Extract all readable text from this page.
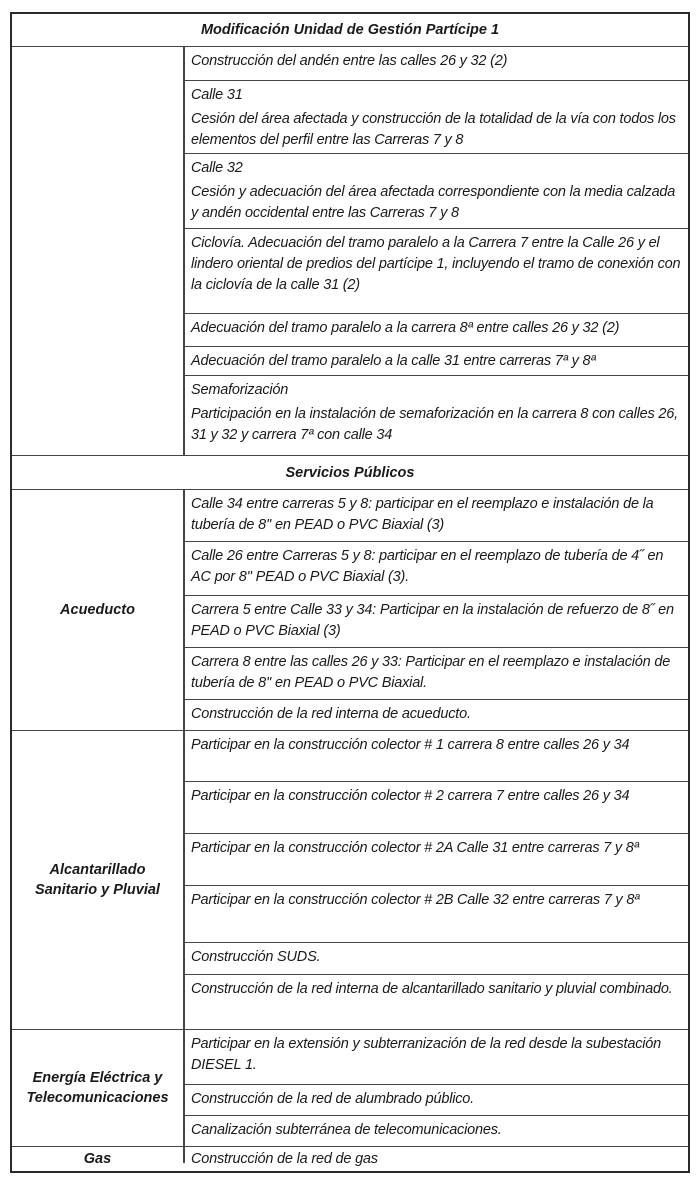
Modificación Unidad de Gestión Partícipe 1

Construcción del andén entre las calles 26 y 32 (2)

Calle 31

Cesión del área afectada y construcción de la totalidad de la vía con todos los elementos del perfil entre las Carreras 7 y 8

Calle 32

Cesión y adecuación del área afectada correspondiente con la media calzada y andén occidental entre las Carreras 7 y 8

Ciclovía. Adecuación del tramo paralelo a la Carrera 7 entre la Calle 26 y el lindero oriental de predios del partícipe 1, incluyendo el tramo de conexión con la ciclovía de la calle 31 (2)

Adecuación del tramo paralelo a la carrera 8ª entre calles 26 y 32 (2)

Adecuación del tramo paralelo a la calle 31 entre carreras 7ª y 8ª

Semaforización

Participación en la instalación de semaforización en la carrera 8 con calles 26, 31 y 32 y carrera 7ª con calle 34

Servicios Públicos
Acueducto

Calle 34 entre carreras 5 y 8: participar en el reemplazo e instalación de la tubería de 8'' en PEAD o PVC Biaxial (3)

Calle 26 entre Carreras 5 y 8: participar en el reemplazo de tubería de 4˝ en AC por 8'' PEAD o PVC Biaxial (3).

Carrera 5 entre Calle 33 y 34: Participar en la instalación de refuerzo de 8˝ en PEAD o PVC Biaxial (3)

Carrera 8 entre las calles 26 y 33: Participar en el reemplazo e instalación de tubería de 8'' en PEAD o PVC Biaxial.

Construcción de la red interna de acueducto.

Alcantarillado Sanitario y Pluvial

Participar en la construcción colector # 1 carrera 8 entre calles 26 y 34

Participar en la construcción colector # 2 carrera 7 entre calles 26 y 34

Participar en la construcción colector # 2A Calle 31 entre carreras 7 y 8ª

Participar en la construcción colector # 2B Calle 32 entre carreras 7 y 8ª

Construcción SUDS.

Construcción de la red interna de alcantarillado sanitario y pluvial combinado.

Energía Eléctrica y Telecomunicaciones

Participar en la extensión y subterranización de la red desde la subestación DIESEL 1.

Construcción de la red de alumbrado público.

Canalización subterránea de telecomunicaciones.

Gas	Construcción de la red de gas
